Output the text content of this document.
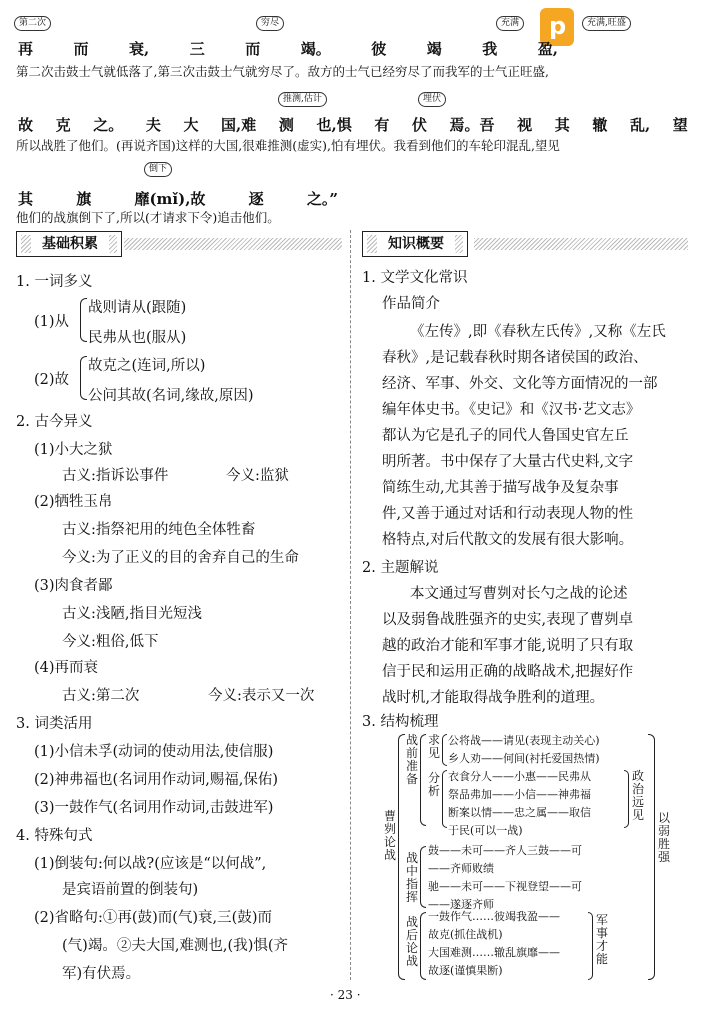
p
第二次	穷尽	充满	充满,旺盛
再	而	衰,	三	而	竭。	彼	竭	我	盈,
第二次击鼓士气就低落了,第三次击鼓士气就穷尽了。敌方的士气已经穷尽了而我军的士气正旺盛,
推测,估计	埋伏
故 克 之。 夫 大 国,难 测 也,惧 有 伏 焉。吾 视 其 辙 乱, 望
所以战胜了他们。(再说齐国)这样的大国,很难推测(虚实),怕有埋伏。我看到他们的车轮印混乱,望见
倒下
其	旗	靡(mǐ),故	逐	之。”
他们的战旗倒下了,所以(才请求下令)追击他们。
基础积累	知识概要
1. 一词多义
(1)从
战则请从(跟随)
民弗从也(服从)
(2)故
故克之(连词,所以)
公问其故(名词,缘故,原因)
2. 古今异义
(1)小大之狱
古义:指诉讼事件	今义:监狱
(2)牺牲玉帛
古义:指祭祀用的纯色全体牲畜
今义:为了正义的目的舍弃自己的生命
(3)肉食者鄙
古义:浅陋,指目光短浅
今义:粗俗,低下
(4)再而衰
古义:第二次	今义:表示又一次
3. 词类活用
(1)小信未孚(动词的使动用法,使信服)
(2)神弗福也(名词用作动词,赐福,保佑)
(3)一鼓作气(名词用作动词,击鼓进军)
4. 特殊句式
(1)倒装句:何以战?(应该是“以何战”,
是宾语前置的倒装句)
(2)省略句:①再(鼓)而(气)衰,三(鼓)而
(气)竭。②夫大国,难测也,(我)惧(齐
军)有伏焉。
1. 文学文化常识
作品简介
《左传》,即《春秋左氏传》,又称《左氏
春秋》,是记载春秋时期各诸侯国的政治、
经济、军事、外交、文化等方面情况的一部
编年体史书。《史记》和《汉书·艺文志》
都认为它是孔子的同代人鲁国史官左丘
明所著。书中保存了大量古代史料,文字
简练生动,尤其善于描写战争及复杂事
件,又善于通过对话和行动表现人物的性
格特点,对后代散文的发展有很大影响。
2. 主题解说
本文通过写曹刿对长勺之战的论述
以及弱鲁战胜强齐的史实,表现了曹刿卓
越的政治才能和军事才能,说明了只有取
信于民和运用正确的战略战术,把握好作
战时机,才能取得战争胜利的道理。
3. 结构梳理
曹刿论战
战前准备
求见
公将战——请见(表现主动关心)
乡人劝——何间(衬托爱国热情)
分析
衣食分人——小惠——民弗从
祭品弗加——小信——神弗福
断案以情——忠之属——取信
于民(可以一战)
政治远见
战中指挥
鼓——未可——齐人三鼓——可
——齐师败绩
驰——未可——下视登望——可
——遂逐齐师
战后论战
一鼓作气……彼竭我盈——
故克(抓住战机)
大国难测……辙乱旗靡——
故逐(谨慎果断)
军事才能
以弱胜强
· 23 ·
